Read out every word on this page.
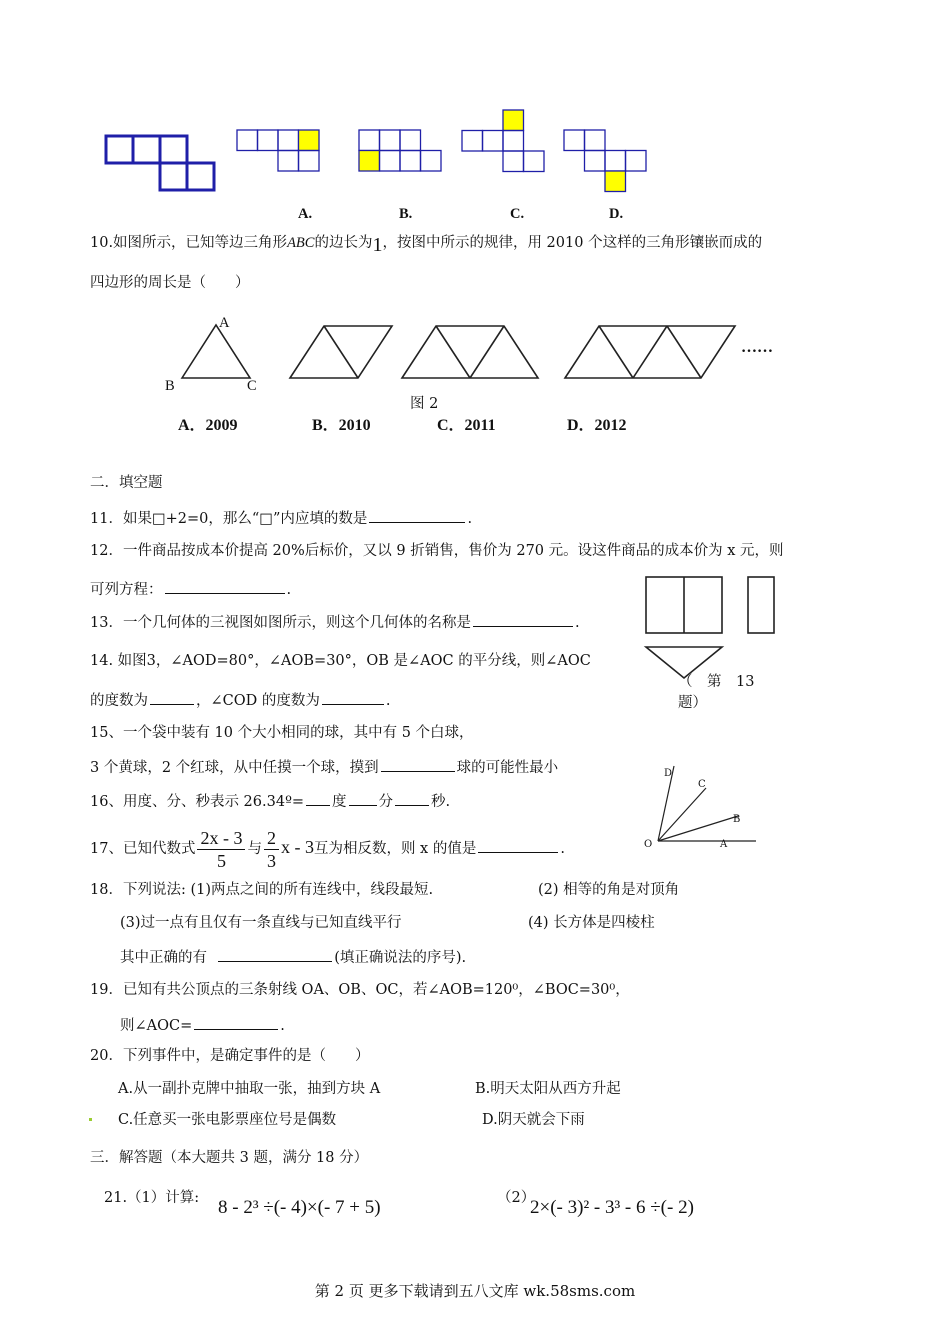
A.	B.	C.	D.
10.如图所示，已知等边三角形ABC的边长为1，按图中所示的规律，用 2010 个这样的三角形镶嵌而成的
四边形的周长是（　　）
A
B	C
……
图 2
A．2009	B．2010	C．2011	D．2012
二．填空题
11．如果□+2=0，那么“□”内应填的数是	.
12．一件商品按成本价提高 20%后标价，又以 9 折销售，售价为 270 元。设这件商品的成本价为 x 元，则
可列方程：	.
13．一个几何体的三视图如图所示，则这个几何体的名称是	.
（　第　13
题）
14. 如图3，∠AOD=80°，∠AOB=30°，OB 是∠AOC 的平分线，则∠AOC
的度数为	，∠COD 的度数为	.
15、一个袋中装有 10 个大小相同的球，其中有 5 个白球，
3 个黄球，2 个红球，从中任摸一个球，摸到	球的可能性最小	D
C
B
O	A
16、用度、分、秒表示 26.34º= 度 分	秒.
17、已知代数式 $\frac{2x - 3}{5}$ 与 $\frac{2}{3}$ x - 3互为相反数，则 x 的值是	.
18．下列说法: (1)两点之间的所有连线中，线段最短.	(2) 相等的角是对顶角
(3)过一点有且仅有一条直线与已知直线平行	(4) 长方体是四棱柱
其中正确的有	(填正确说法的序号).
19．已知有共公顶点的三条射线 OA、OB、OC，若∠AOB=120⁰，∠BOC=30⁰，
则∠AOC=	.
20．下列事件中，是确定事件的是（　　）
A.从一副扑克牌中抽取一张，抽到方块 A	B.明天太阳从西方升起
C.任意买一张电影票座位号是偶数	D.阴天就会下雨
三．解答题（本大题共 3 题，满分 18 分）
21.（1）计算: 8 - 2³ ÷(- 4)×(- 7 + 5)	（2）
2×(- 3)² - 3³ - 6 ÷(- 2)
第 2 页 更多下载请到五八文库 wk.58sms.com
